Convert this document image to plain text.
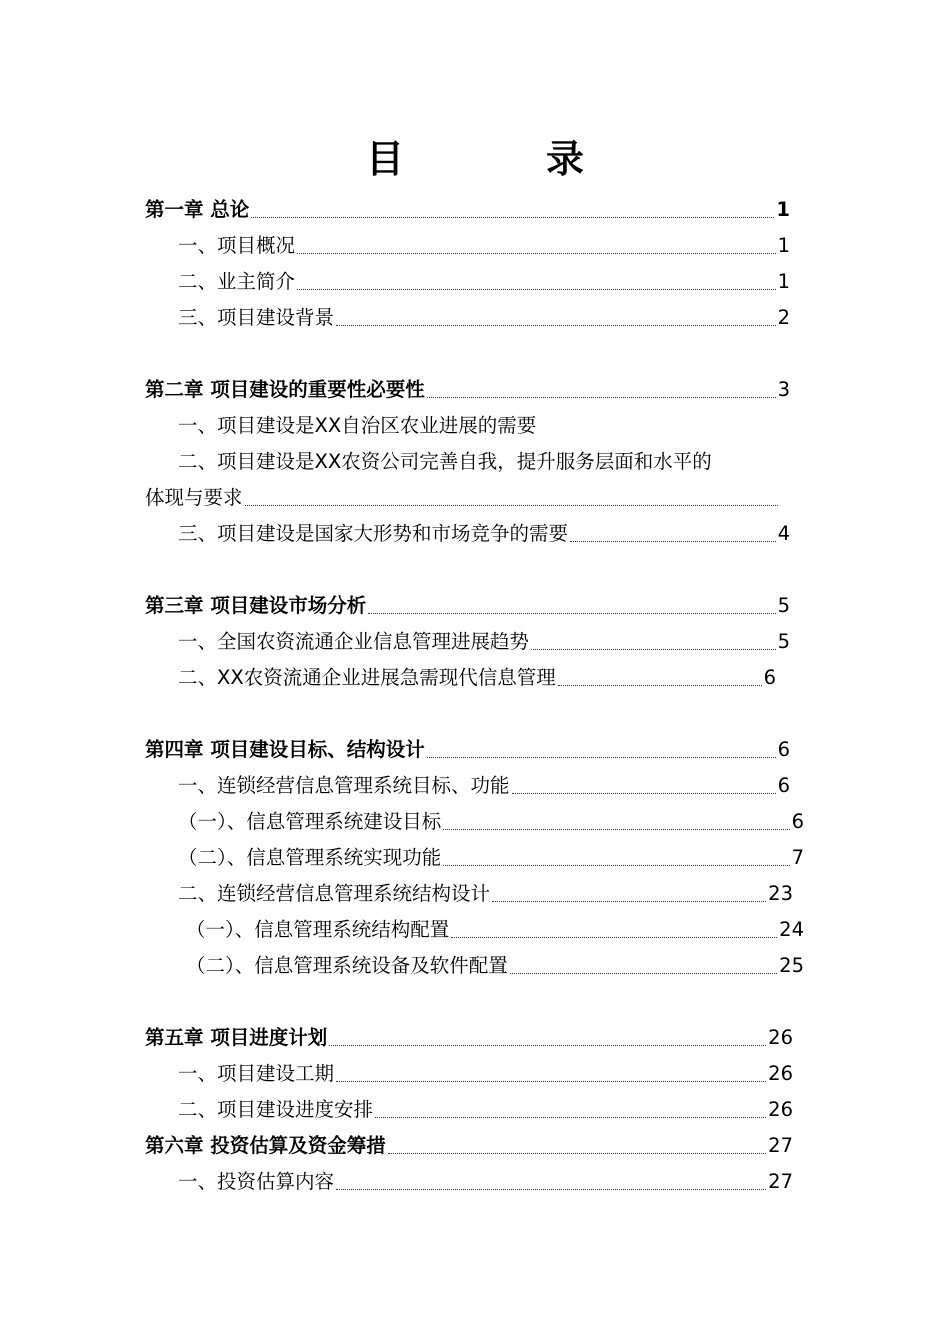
目　录
第一章 总论	1
一、项目概况	1
二、业主简介	1
三、项目建设背景	2
第二章 项目建设的重要性必要性	3
一、项目建设是XX自治区农业进展的需要
二、项目建设是XX农资公司完善自我，提升服务层面和水平的
体现与要求
三、项目建设是国家大形势和市场竞争的需要	4
第三章 项目建设市场分析	5
一、全国农资流通企业信息管理进展趋势	5
二、XX农资流通企业进展急需现代信息管理	6
第四章 项目建设目标、结构设计	6
一、连锁经营信息管理系统目标、功能	6
（一）、信息管理系统建设目标	6
（二）、信息管理系统实现功能	7
二、连锁经营信息管理系统结构设计	23
（一）、信息管理系统结构配置	24
（二）、信息管理系统设备及软件配置	25
第五章 项目进度计划	26
一、项目建设工期	26
二、项目建设进度安排	26
第六章 投资估算及资金筹措	27
一、投资估算内容	27
